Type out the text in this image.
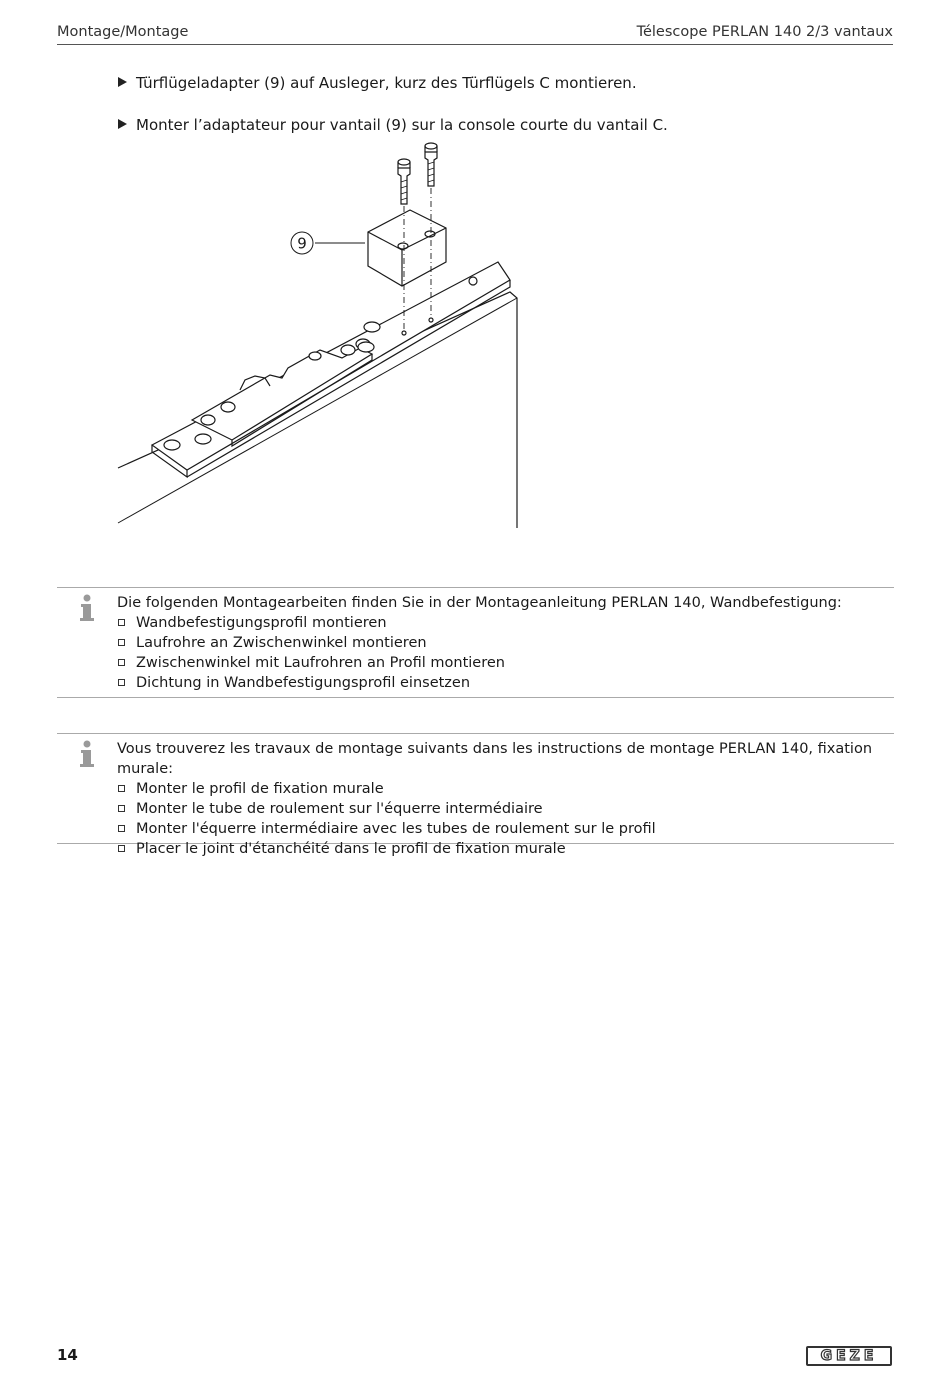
Montage/Montage	Télescope PERLAN 140 2/3 vantaux
Türflügeladapter (9) auf Ausleger, kurz des Türflügels C montieren.
Monter l’adaptateur pour vantail (9) sur la console courte du vantail C.
9
Die folgenden Montagearbeiten finden Sie in der Montageanleitung PERLAN 140, Wandbefestigung:
Wandbefestigungsprofil montieren
Laufrohre an Zwischenwinkel montieren
Zwischenwinkel mit Laufrohren an Profil montieren
Dichtung in Wandbefestigungsprofil einsetzen
Vous trouverez les travaux de montage suivants dans les instructions de montage PERLAN 140, fixation murale:
Monter le profil de fixation murale
Monter le tube de roulement sur l'équerre intermédiaire
Monter l'équerre intermédiaire avec les tubes de roulement sur le profil
Placer le joint d'étanchéité dans le profil de fixation murale
14	GEZE
